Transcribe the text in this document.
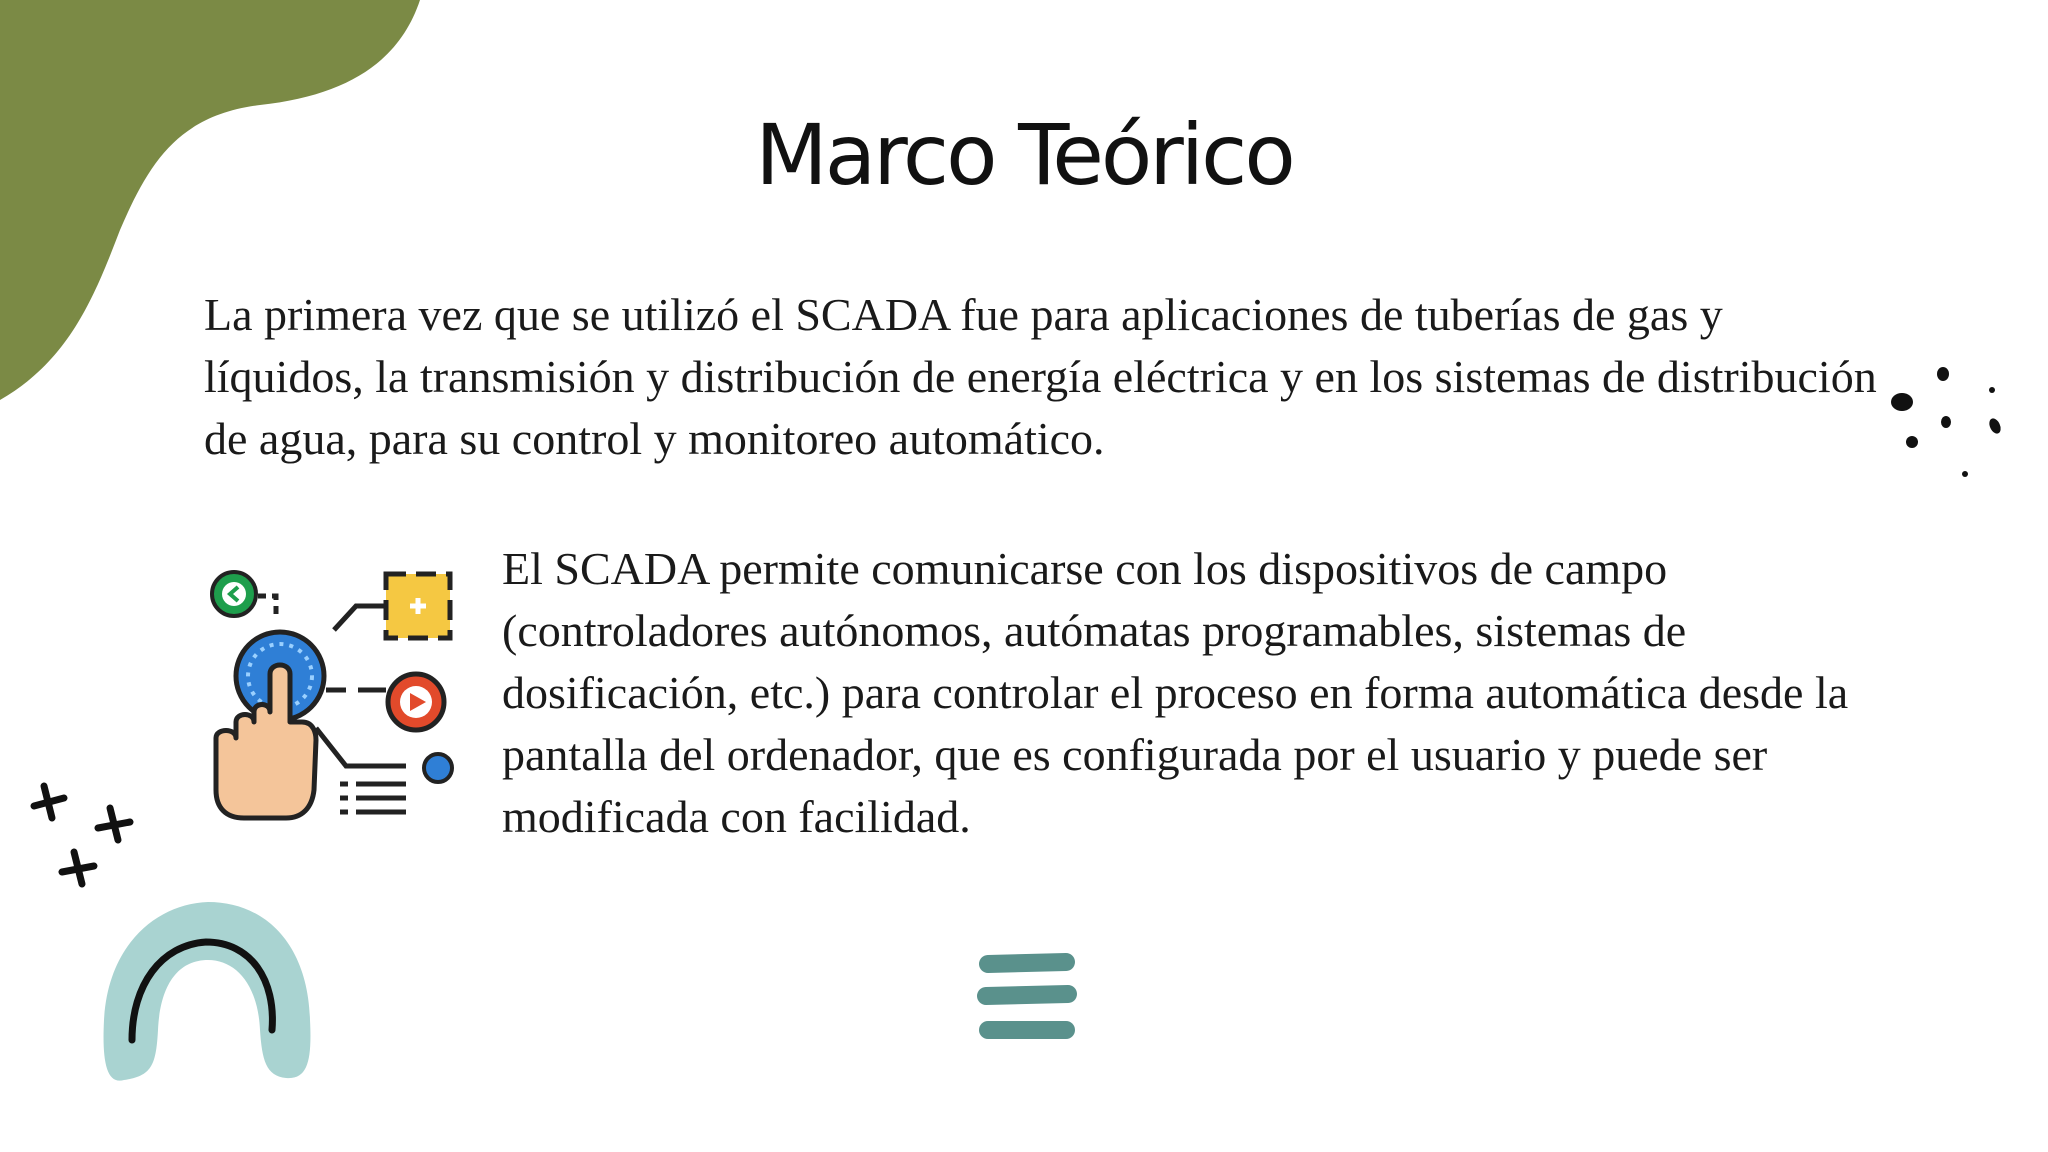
Marco Teórico

La primera vez que se utilizó el SCADA fue para aplicaciones de tuberías de gas y líquidos, la transmisión y distribución de energía eléctrica y en los sistemas de distribución de agua, para su control y monitoreo automático.

El SCADA permite comunicarse con los dispositivos de campo (controladores autónomos, autómatas programables, sistemas de dosificación, etc.) para controlar el proceso en forma automática desde la pantalla del ordenador, que es configurada por el usuario y puede ser modificada con facilidad.
